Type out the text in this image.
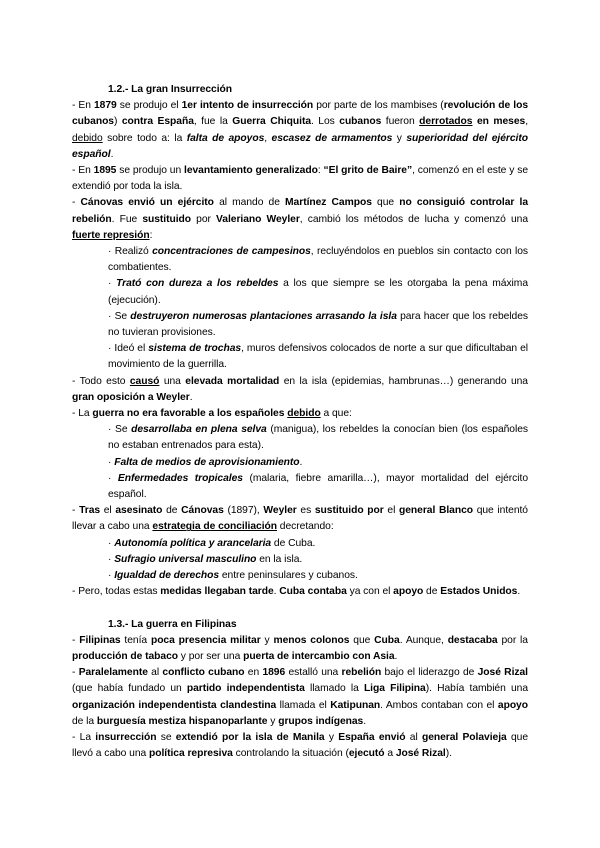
1.2.- La gran Insurrección
- En 1879 se produjo el 1er intento de insurrección por parte de los mambises (revolución de los cubanos) contra España, fue la Guerra Chiquita. Los cubanos fueron derrotados en meses, debido sobre todo a: la falta de apoyos, escasez de armamentos y superioridad del ejército español.
- En 1895 se produjo un levantamiento generalizado: “El grito de Baire”, comenzó en el este y se extendió por toda la isla.
- Cánovas envió un ejército al mando de Martínez Campos que no consiguió controlar la rebelión. Fue sustituido por Valeriano Weyler, cambió los métodos de lucha y comenzó una fuerte represión:
· Realizó concentraciones de campesinos, recluyéndolos en pueblos sin contacto con los combatientes.
· Trató con dureza a los rebeldes a los que siempre se les otorgaba la pena máxima (ejecución).
· Se destruyeron numerosas plantaciones arrasando la isla para hacer que los rebeldes no tuvieran provisiones.
· Ideó el sistema de trochas, muros defensivos colocados de norte a sur que dificultaban el movimiento de la guerrilla.
- Todo esto causó una elevada mortalidad en la isla (epidemias, hambrunas…) generando una gran oposición a Weyler.
- La guerra no era favorable a los españoles debido a que:
· Se desarrollaba en plena selva (manigua), los rebeldes la conocían bien (los españoles no estaban entrenados para esta).
· Falta de medios de aprovisionamiento.
· Enfermedades tropicales (malaria, fiebre amarilla…), mayor mortalidad del ejército español.
- Tras el asesinato de Cánovas (1897), Weyler es sustituido por el general Blanco que intentó llevar a cabo una estrategia de conciliación decretando:
· Autonomía política y arancelaria de Cuba.
· Sufragio universal masculino en la isla.
· Igualdad de derechos entre peninsulares y cubanos.
- Pero, todas estas medidas llegaban tarde. Cuba contaba ya con el apoyo de Estados Unidos.
1.3.- La guerra en Filipinas
- Filipinas tenía poca presencia militar y menos colonos que Cuba. Aunque, destacaba por la producción de tabaco y por ser una puerta de intercambio con Asia.
- Paralelamente al conflicto cubano en 1896 estalló una rebelión bajo el liderazgo de José Rizal (que había fundado un partido independentista llamado la Liga Filipina). Había también una organización independentista clandestina llamada el Katipunan. Ambos contaban con el apoyo de la burguesía mestiza hispanoparlante y grupos indígenas.
- La insurrección se extendió por la isla de Manila y España envió al general Polavieja que llevó a cabo una política represiva controlando la situación (ejecutó a José Rizal).
